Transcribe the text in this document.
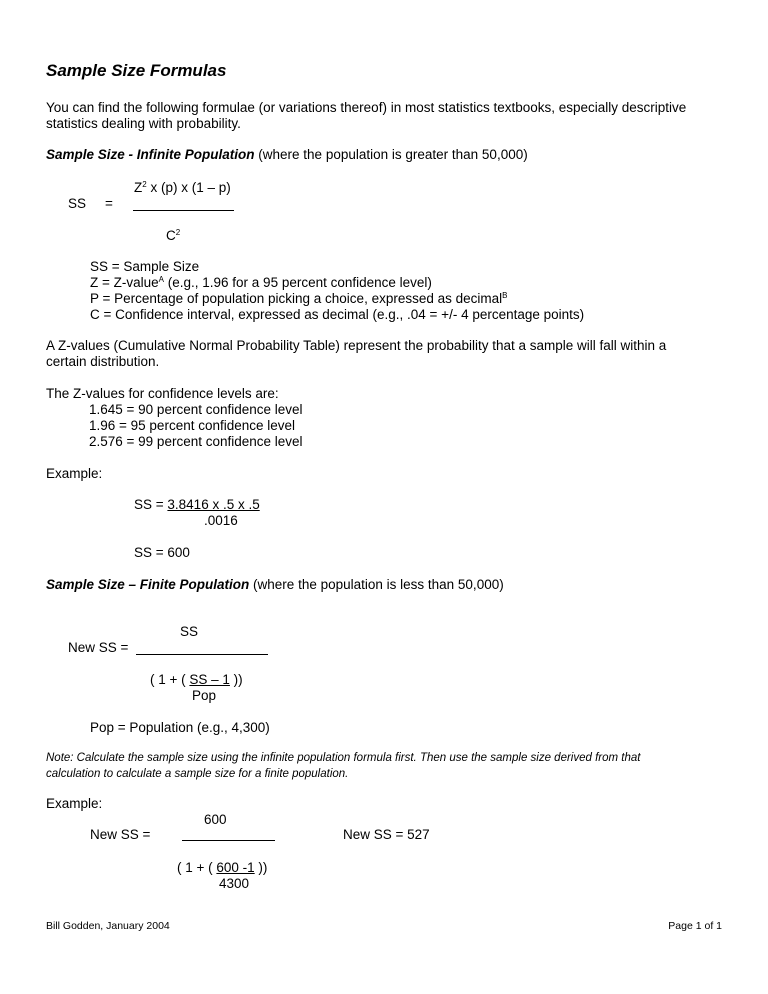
Sample Size Formulas
You can find the following formulae (or variations thereof) in most statistics textbooks, especially descriptive
statistics dealing with probability.
Sample Size - Infinite Population (where the population is greater than 50,000)
$Z^2$ x (p) x (1 – p)
SS =
$C^2$
SS = Sample Size
Z = Z-value$^A$ (e.g., 1.96 for a 95 percent confidence level)
P = Percentage of population picking a choice, expressed as decimal$^B$
C = Confidence interval, expressed as decimal (e.g., .04 = +/- 4 percentage points)
A Z-values (Cumulative Normal Probability Table) represent the probability that a sample will fall within a
certain distribution.
The Z-values for confidence levels are:
1.645 = 90 percent confidence level
1.96 = 95 percent confidence level
2.576 = 99 percent confidence level
Example:
SS = 3.8416 x .5 x .5
.0016
SS = 600
Sample Size – Finite Population (where the population is less than 50,000)
SS
New SS =
( 1 + ( SS – 1 ))
Pop
Pop = Population (e.g., 4,300)
Note: Calculate the sample size using the infinite population formula first. Then use the sample size derived from that
calculation to calculate a sample size for a finite population.
Example:
600
New SS =	New SS = 527
( 1 + ( 600 -1 ))
4300
Bill Godden, January 2004	Page 1 of 1
